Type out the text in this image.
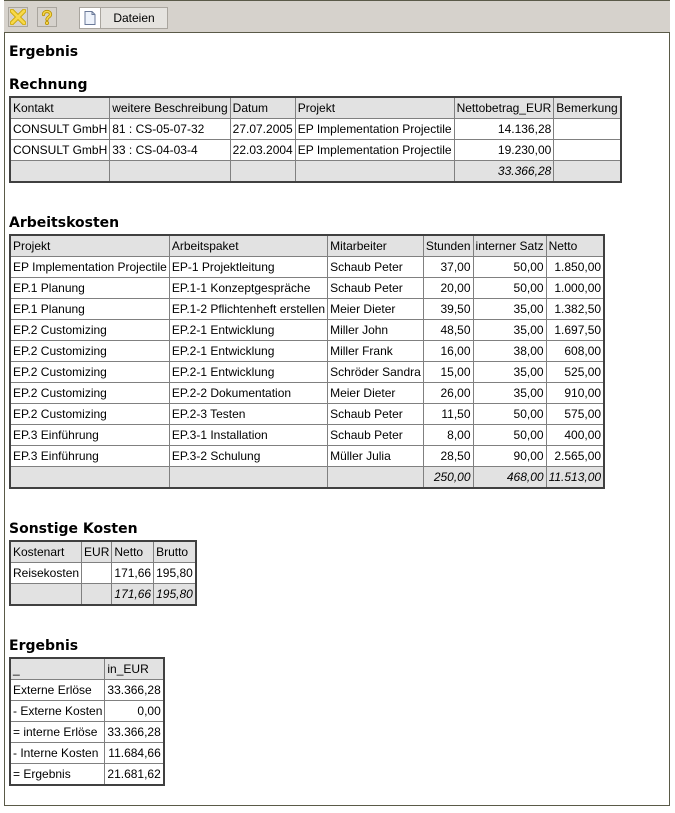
Dateien
Ergebnis
Rechnung
Kontakt	weitere Beschreibung	Datum	Projekt	Nettobetrag_EUR	Bemerkung
CONSULT GmbH	81 : CS-05-07-32	27.07.2005	EP Implementation Projectile	14.136,28	
CONSULT GmbH	33 : CS-04-03-4	22.03.2004	EP Implementation Projectile	19.230,00	
				33.366,28	
Arbeitskosten
Projekt	Arbeitspaket	Mitarbeiter	Stunden	interner Satz	Netto
EP Implementation Projectile	EP-1 Projektleitung	Schaub Peter	37,00	50,00	1.850,00
EP.1 Planung	EP.1-1 Konzeptgespräche	Schaub Peter	20,00	50,00	1.000,00
EP.1 Planung	EP.1-2 Pflichtenheft erstellen	Meier Dieter	39,50	35,00	1.382,50
EP.2 Customizing	EP.2-1 Entwicklung	Miller John	48,50	35,00	1.697,50
EP.2 Customizing	EP.2-1 Entwicklung	Miller Frank	16,00	38,00	608,00
EP.2 Customizing	EP.2-1 Entwicklung	Schröder Sandra	15,00	35,00	525,00
EP.2 Customizing	EP.2-2 Dokumentation	Meier Dieter	26,00	35,00	910,00
EP.2 Customizing	EP.2-3 Testen	Schaub Peter	11,50	50,00	575,00
EP.3 Einführung	EP.3-1 Installation	Schaub Peter	8,00	50,00	400,00
EP.3 Einführung	EP.3-2 Schulung	Müller Julia	28,50	90,00	2.565,00
			250,00	468,00	11.513,00
Sonstige Kosten
Kostenart	EUR	Netto	Brutto
Reisekosten		171,66	195,80
		171,66	195,80
Ergebnis
_	in_EUR
Externe Erlöse	33.366,28
- Externe Kosten	0,00
= interne Erlöse	33.366,28
- Interne Kosten	11.684,66
= Ergebnis	21.681,62
